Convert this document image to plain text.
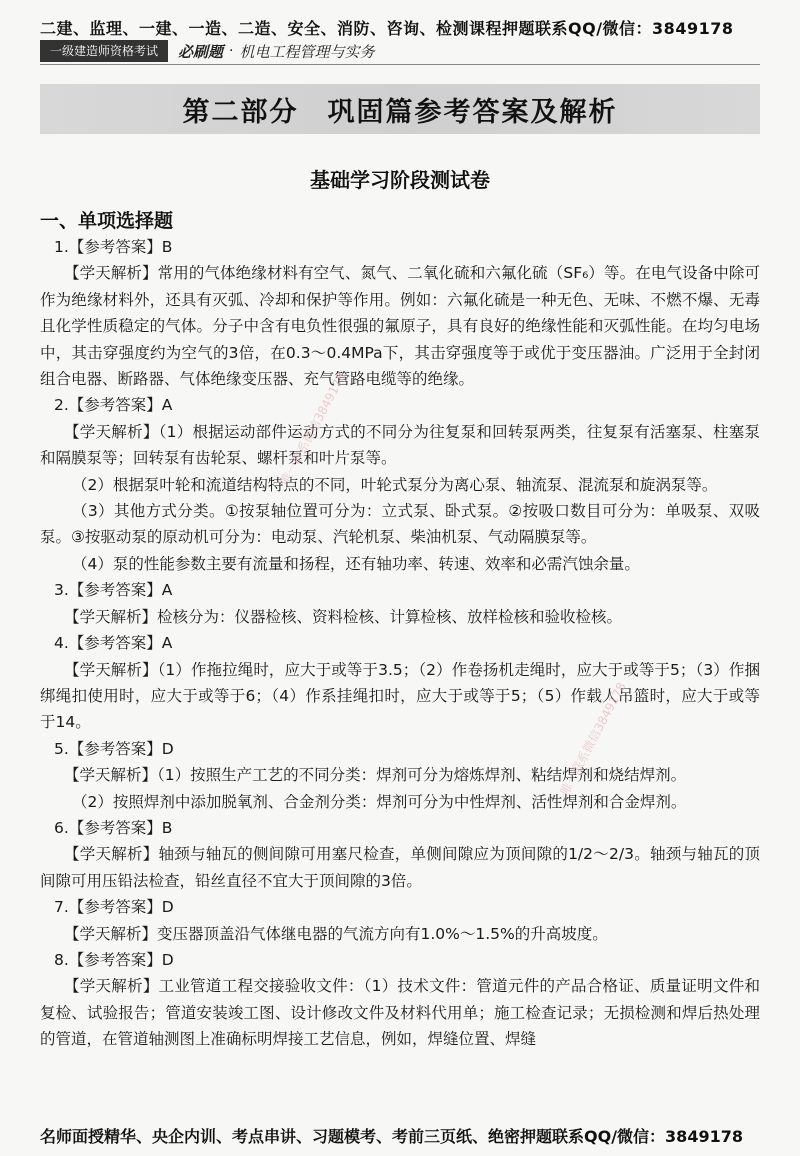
二建、监理、一建、一造、二造、安全、消防、咨询、检测课程押题联系QQ/微信：3849178
一级建造师资格考试	必刷题 · 机电工程管理与实务
第二部分　巩固篇参考答案及解析
基础学习阶段测试卷
一、单项选择题

1.【参考答案】B

【学天解析】常用的气体绝缘材料有空气、氮气、二氧化硫和六氟化硫（SF₆）等。在电气设备中除可作为绝缘材料外，还具有灭弧、冷却和保护等作用。例如：六氟化硫是一种无色、无味、不燃不爆、无毒且化学性质稳定的气体。分子中含有电负性很强的氟原子，具有良好的绝缘性能和灭弧性能。在均匀电场中，其击穿强度约为空气的3倍，在0.3～0.4MPa下，其击穿强度等于或优于变压器油。广泛用于全封闭组合电器、断路器、气体绝缘变压器、充气管路电缆等的绝缘。

2.【参考答案】A

【学天解析】（1）根据运动部件运动方式的不同分为往复泵和回转泵两类，往复泵有活塞泵、柱塞泵和隔膜泵等；回转泵有齿轮泵、螺杆泵和叶片泵等。

（2）根据泵叶轮和流道结构特点的不同，叶轮式泵分为离心泵、轴流泵、混流泵和旋涡泵等。

（3）其他方式分类。①按泵轴位置可分为：立式泵、卧式泵。②按吸口数目可分为：单吸泵、双吸泵。③按驱动泵的原动机可分为：电动泵、汽轮机泵、柴油机泵、气动隔膜泵等。

（4）泵的性能参数主要有流量和扬程，还有轴功率、转速、效率和必需汽蚀余量。

3.【参考答案】A

【学天解析】检核分为：仪器检核、资料检核、计算检核、放样检核和验收检核。

4.【参考答案】A

【学天解析】（1）作拖拉绳时，应大于或等于3.5；（2）作卷扬机走绳时，应大于或等于5；（3）作捆绑绳扣使用时，应大于或等于6；（4）作系挂绳扣时，应大于或等于5；（5）作载人吊篮时，应大于或等于14。

5.【参考答案】D

【学天解析】（1）按照生产工艺的不同分类：焊剂可分为熔炼焊剂、粘结焊剂和烧结焊剂。

（2）按照焊剂中添加脱氧剂、合金剂分类：焊剂可分为中性焊剂、活性焊剂和合金焊剂。

6.【参考答案】B

【学天解析】轴颈与轴瓦的侧间隙可用塞尺检查，单侧间隙应为顶间隙的1/2～2/3。轴颈与轴瓦的顶间隙可用压铅法检查，铅丝直径不宜大于顶间隙的3倍。

7.【参考答案】D

【学天解析】变压器顶盖沿气体继电器的气流方向有1.0%～1.5%的升高坡度。

8.【参考答案】D

【学天解析】工业管道工程交接验收文件：（1）技术文件：管道元件的产品合格证、质量证明文件和复检、试验报告；管道安装竣工图、设计修改文件及材料代用单；施工检查记录；无损检测和焊后热处理的管道，在管道轴测图上准确标明焊接工艺信息，例如，焊缝位置、焊缝

唯一联系微信3849178
唯一联系微信3849178
名师面授精华、央企内训、考点串讲、习题模考、考前三页纸、绝密押题联系QQ/微信：3849178
